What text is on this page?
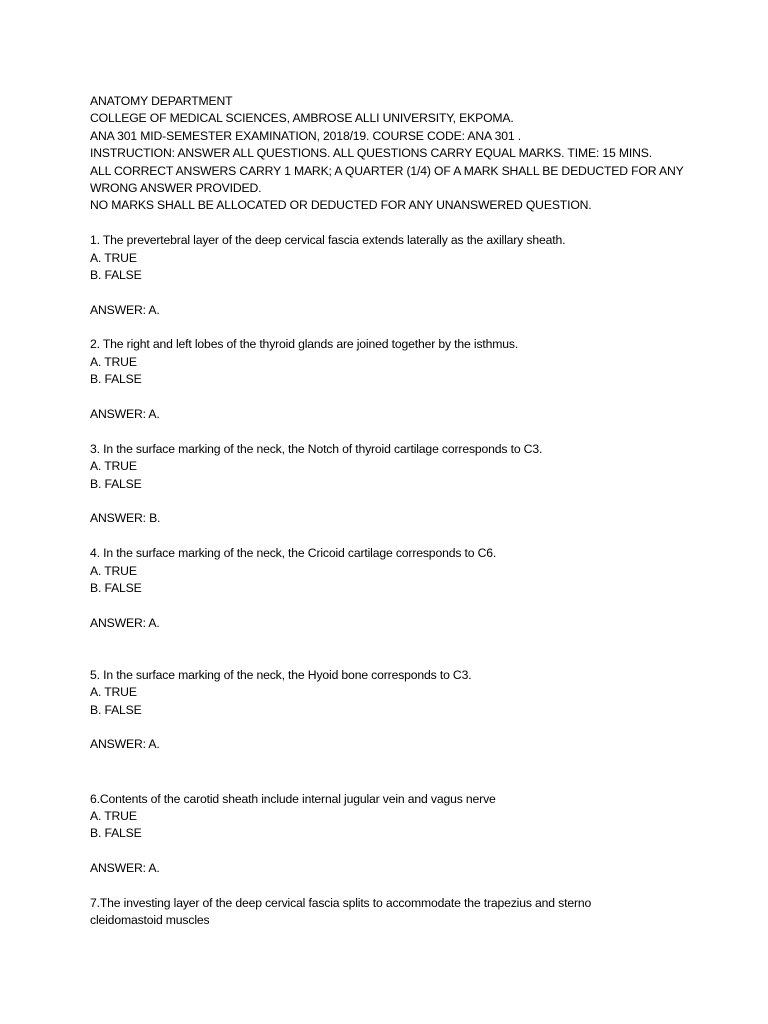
ANATOMY DEPARTMENT
COLLEGE OF MEDICAL SCIENCES, AMBROSE ALLI UNIVERSITY, EKPOMA.
ANA 301 MID-SEMESTER EXAMINATION, 2018/19. COURSE CODE: ANA 301 .
INSTRUCTION: ANSWER ALL QUESTIONS. ALL QUESTIONS CARRY EQUAL MARKS. TIME: 15 MINS.
ALL CORRECT ANSWERS CARRY 1 MARK; A QUARTER (1/4) OF A MARK SHALL BE DEDUCTED FOR ANY
WRONG ANSWER PROVIDED.
NO MARKS SHALL BE ALLOCATED OR DEDUCTED FOR ANY UNANSWERED QUESTION.
1. The prevertebral layer of the deep cervical fascia extends laterally as the axillary sheath.
A. TRUE
B. FALSE
ANSWER: A.
2. The right and left lobes of the thyroid glands are joined together by the isthmus.
A. TRUE
B. FALSE
ANSWER: A.
3. In the surface marking of the neck, the Notch of thyroid cartilage corresponds to C3.
A. TRUE
B. FALSE
ANSWER: B.
4. In the surface marking of the neck, the Cricoid cartilage corresponds to C6.
A. TRUE
B. FALSE
ANSWER: A.
5. In the surface marking of the neck, the Hyoid bone corresponds to C3.
A. TRUE
B. FALSE
ANSWER: A.
6.Contents of the carotid sheath include internal jugular vein and vagus nerve
A. TRUE
B. FALSE
ANSWER: A.
7.The investing layer of the deep cervical fascia splits to accommodate the trapezius and sterno
cleidomastoid muscles
